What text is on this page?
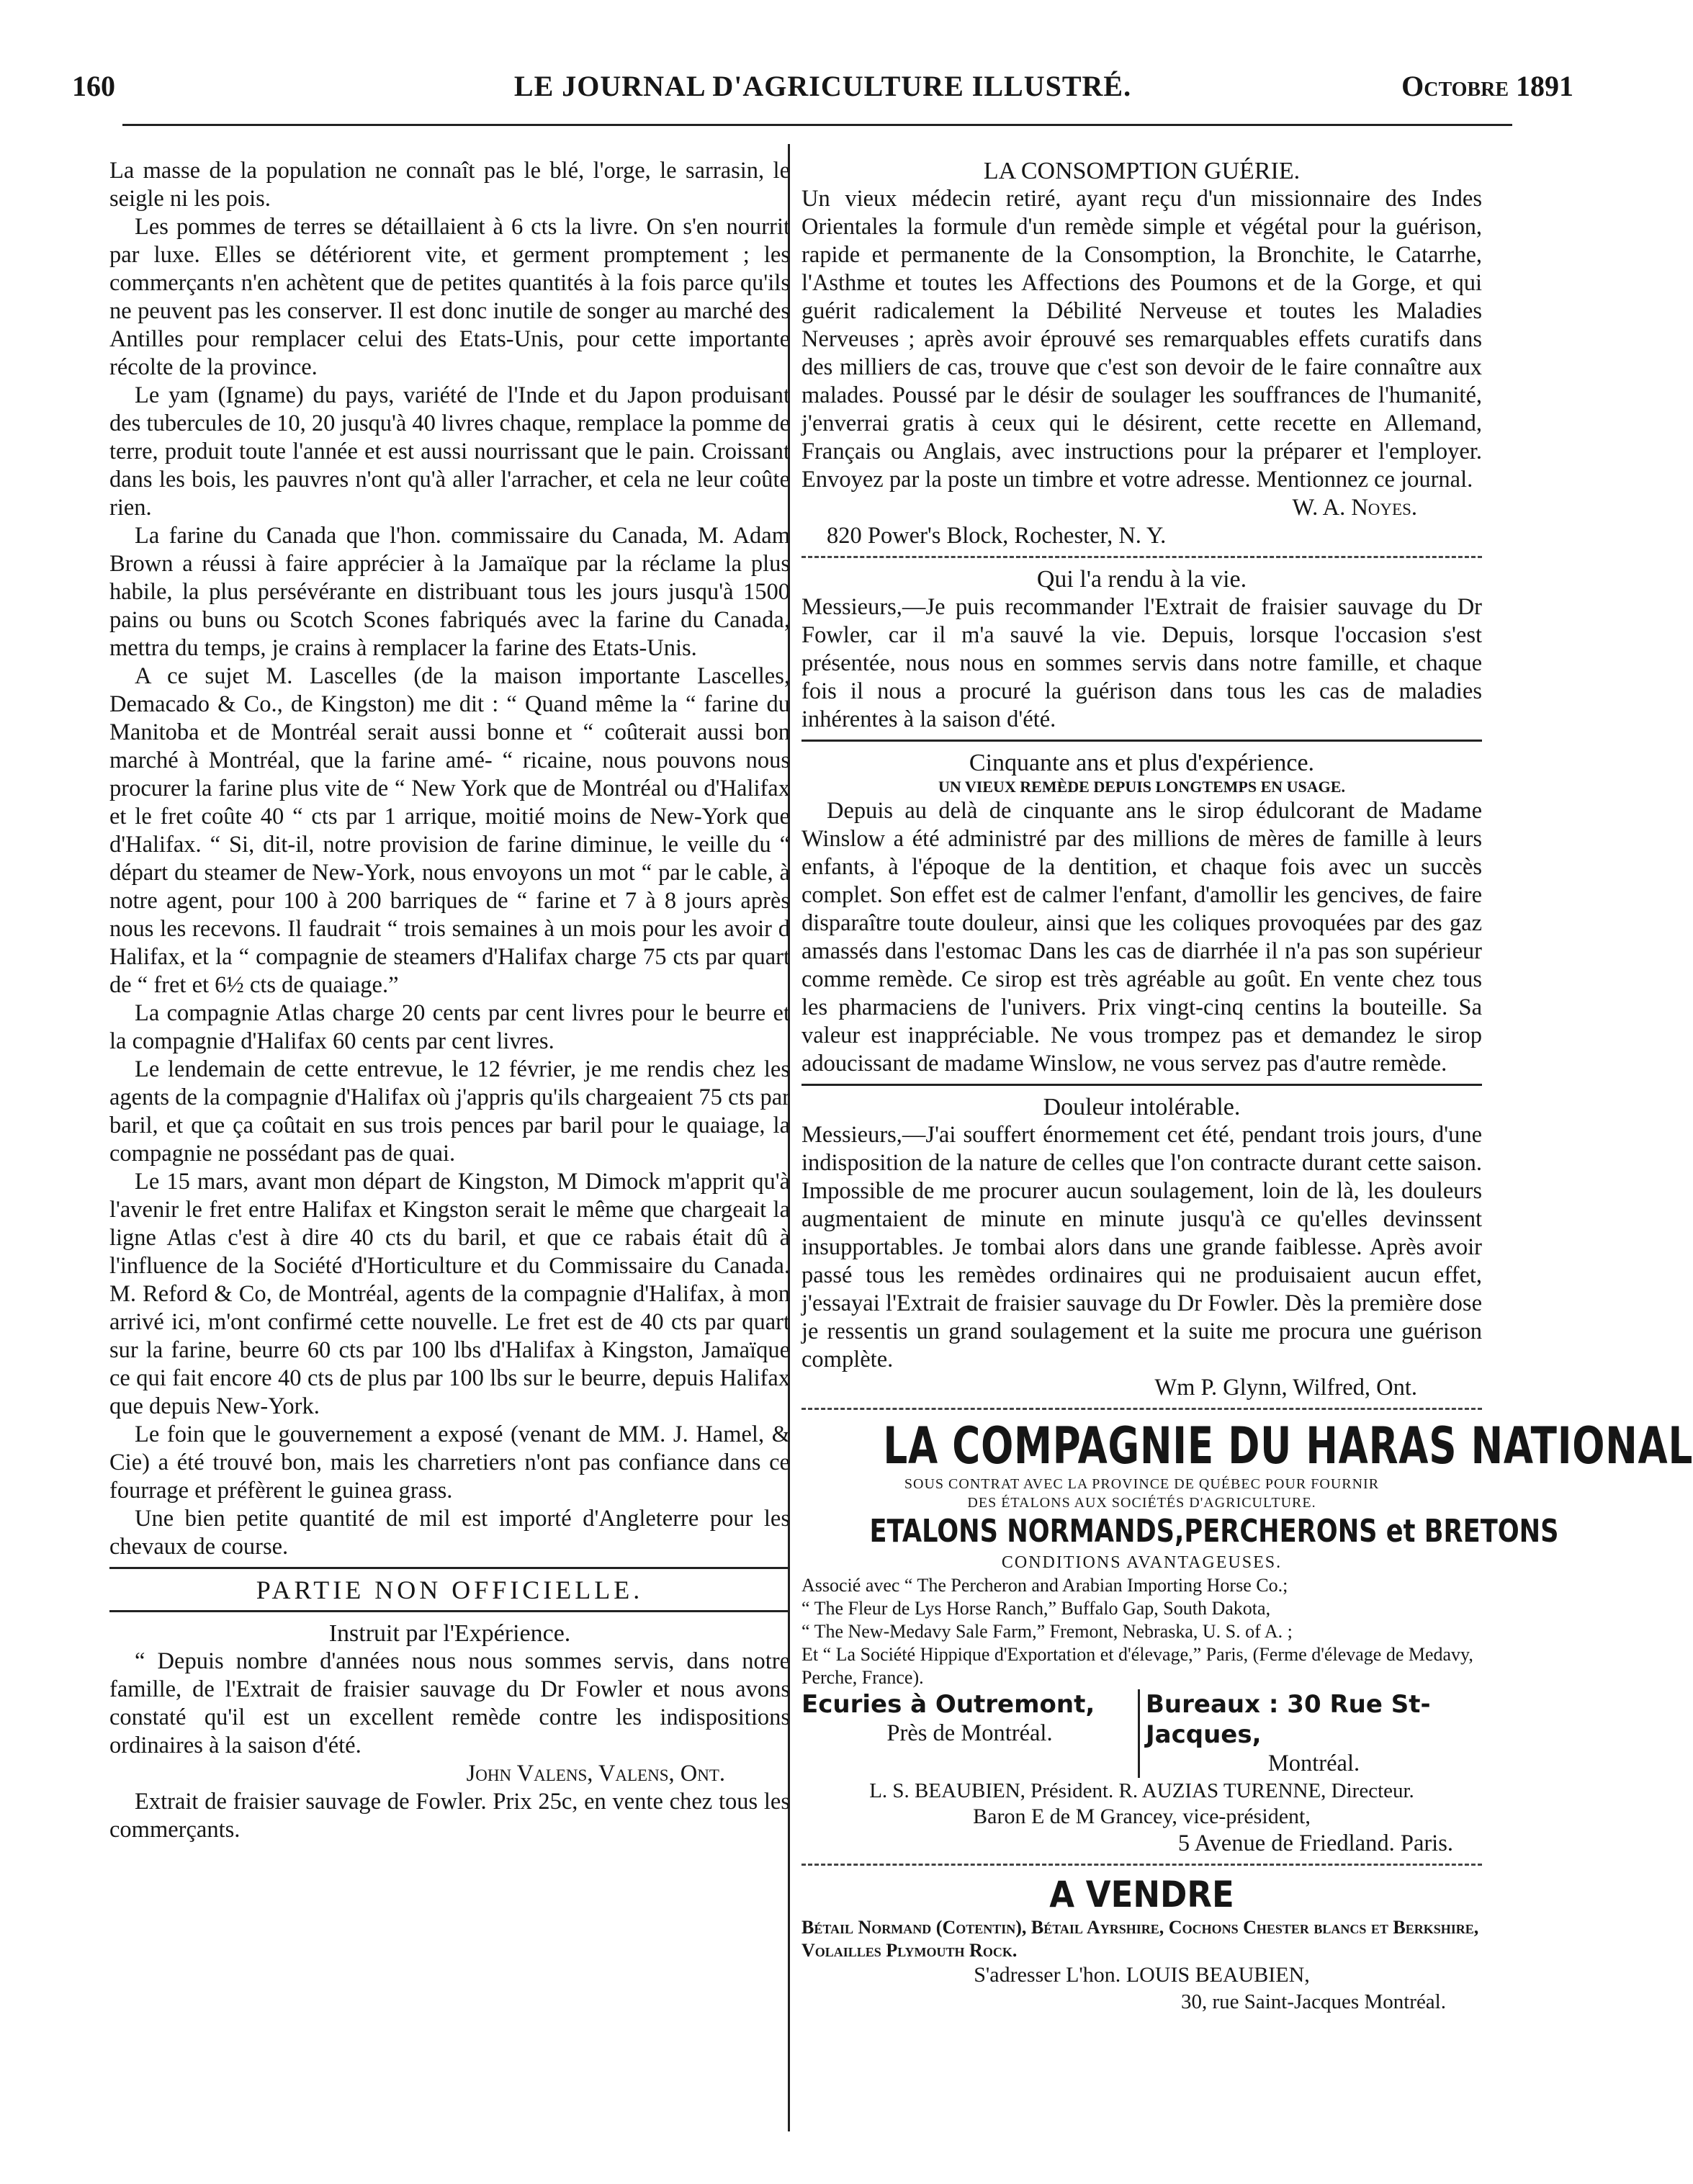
160	LE JOURNAL D'AGRICULTURE ILLUSTRÉ.	Octobre 1891

La masse de la population ne connaît pas le blé, l'orge, le sarrasin, le seigle ni les pois.

Les pommes de terres se détaillaient à 6 cts la livre. On s'en nourrit par luxe. Elles se détériorent vite, et germent promptement ; les commerçants n'en achètent que de petites quantités à la fois parce qu'ils ne peuvent pas les conserver. Il est donc inutile de songer au marché des Antilles pour remplacer celui des Etats-Unis, pour cette importante récolte de la province.

Le yam (Igname) du pays, variété de l'Inde et du Japon produisant des tubercules de 10, 20 jusqu'à 40 livres chaque, remplace la pomme de terre, produit toute l'année et est aussi nourrissant que le pain. Croissant dans les bois, les pauvres n'ont qu'à aller l'arracher, et cela ne leur coûte rien.

La farine du Canada que l'hon. commissaire du Canada, M. Adam Brown a réussi à faire apprécier à la Jamaïque par la réclame la plus habile, la plus persévérante en distribuant tous les jours jusqu'à 1500 pains ou buns ou Scotch Scones fabriqués avec la farine du Canada, mettra du temps, je crains à remplacer la farine des Etats-Unis.

A ce sujet M. Lascelles (de la maison importante Lascelles, Demacado & Co., de Kingston) me dit : “ Quand même la “ farine du Manitoba et de Montréal serait aussi bonne et “ coûterait aussi bon marché à Montréal, que la farine amé- “ ricaine, nous pouvons nous procurer la farine plus vite de “ New York que de Montréal ou d'Halifax et le fret coûte 40 “ cts par 1 arrique, moitié moins de New-York que d'Halifax. “ Si, dit-il, notre provision de farine diminue, le veille du “ départ du steamer de New-York, nous envoyons un mot “ par le cable, à notre agent, pour 100 à 200 barriques de “ farine et 7 à 8 jours après nous les recevons. Il faudrait “ trois semaines à un mois pour les avoir d Halifax, et la “ compagnie de steamers d'Halifax charge 75 cts par quart de “ fret et 6½ cts de quaiage.”

La compagnie Atlas charge 20 cents par cent livres pour le beurre et la compagnie d'Halifax 60 cents par cent livres.

Le lendemain de cette entrevue, le 12 février, je me rendis chez les agents de la compagnie d'Halifax où j'appris qu'ils chargeaient 75 cts par baril, et que ça coûtait en sus trois pences par baril pour le quaiage, la compagnie ne possédant pas de quai.

Le 15 mars, avant mon départ de Kingston, M Dimock m'apprit qu'à l'avenir le fret entre Halifax et Kingston serait le même que chargeait la ligne Atlas c'est à dire 40 cts du baril, et que ce rabais était dû à l'influence de la Société d'Horticulture et du Commissaire du Canada. M. Reford & Co, de Montréal, agents de la compagnie d'Halifax, à mon arrivé ici, m'ont confirmé cette nouvelle. Le fret est de 40 cts par quart sur la farine, beurre 60 cts par 100 lbs d'Halifax à Kingston, Jamaïque ce qui fait encore 40 cts de plus par 100 lbs sur le beurre, depuis Halifax que depuis New-York.

Le foin que le gouvernement a exposé (venant de MM. J. Hamel, & Cie) a été trouvé bon, mais les charretiers n'ont pas confiance dans ce fourrage et préfèrent le guinea grass.

Une bien petite quantité de mil est importé d'Angleterre pour les chevaux de course.

PARTIE NON OFFICIELLE.
Instruit par l'Expérience.

“ Depuis nombre d'années nous nous sommes servis, dans notre famille, de l'Extrait de fraisier sauvage du Dr Fowler et nous avons constaté qu'il est un excellent remède contre les indispositions ordinaires à la saison d'été.

John Valens, Valens, Ont.

Extrait de fraisier sauvage de Fowler. Prix 25c, en vente chez tous les commerçants.

LA CONSOMPTION GUÉRIE.

Un vieux médecin retiré, ayant reçu d'un missionnaire des Indes Orientales la formule d'un remède simple et végétal pour la guérison, rapide et permanente de la Consomption, la Bronchite, le Catarrhe, l'Asthme et toutes les Affections des Poumons et de la Gorge, et qui guérit radicalement la Débilité Nerveuse et toutes les Maladies Nerveuses ; après avoir éprouvé ses remarquables effets curatifs dans des milliers de cas, trouve que c'est son devoir de le faire connaître aux malades. Poussé par le désir de soulager les souffrances de l'humanité, j'enverrai gratis à ceux qui le désirent, cette recette en Allemand, Français ou Anglais, avec instructions pour la préparer et l'employer. Envoyez par la poste un timbre et votre adresse. Mentionnez ce journal.

W. A. Noyes.

820 Power's Block, Rochester, N. Y.

Qui l'a rendu à la vie.

Messieurs,—Je puis recommander l'Extrait de fraisier sauvage du Dr Fowler, car il m'a sauvé la vie. Depuis, lorsque l'occasion s'est présentée, nous nous en sommes servis dans notre famille, et chaque fois il nous a procuré la guérison dans tous les cas de maladies inhérentes à la saison d'été.

Cinquante ans et plus d'expérience.
UN VIEUX REMÈDE DEPUIS LONGTEMPS EN USAGE.

Depuis au delà de cinquante ans le sirop édulcorant de Madame Winslow a été administré par des millions de mères de famille à leurs enfants, à l'époque de la dentition, et chaque fois avec un succès complet. Son effet est de calmer l'enfant, d'amollir les gencives, de faire disparaître toute douleur, ainsi que les coliques provoquées par des gaz amassés dans l'estomac Dans les cas de diarrhée il n'a pas son supérieur comme remède. Ce sirop est très agréable au goût. En vente chez tous les pharmaciens de l'univers. Prix vingt-cinq centins la bouteille. Sa valeur est inappréciable. Ne vous trompez pas et demandez le sirop adoucissant de madame Winslow, ne vous servez pas d'autre remède.

Douleur intolérable.

Messieurs,—J'ai souffert énormement cet été, pendant trois jours, d'une indisposition de la nature de celles que l'on contracte durant cette saison. Impossible de me procurer aucun soulagement, loin de là, les douleurs augmentaient de minute en minute jusqu'à ce qu'elles devinssent insupportables. Je tombai alors dans une grande faiblesse. Après avoir passé tous les remèdes ordinaires qui ne produisaient aucun effet, j'essayai l'Extrait de fraisier sauvage du Dr Fowler. Dès la première dose je ressentis un grand soulagement et la suite me procura une guérison complète.

Wm P. Glynn, Wilfred, Ont.
LA COMPAGNIE DU HARAS NATIONAL
SOUS CONTRAT AVEC LA PROVINCE DE QUÉBEC POUR FOURNIR
DES ÉTALONS AUX SOCIÉTÉS D'AGRICULTURE.
ETALONS NORMANDS,PERCHERONS et BRETONS
CONDITIONS AVANTAGEUSES.
Associé avec “ The Percheron and Arabian Importing Horse Co.;
“ The Fleur de Lys Horse Ranch,” Buffalo Gap, South Dakota,
“ The New-Medavy Sale Farm,” Fremont, Nebraska, U. S. of A. ;
Et “ La Société Hippique d'Exportation et d'élevage,” Paris, (Ferme d'élevage de Medavy, Perche, France).
Ecuries à Outremont,
Près de Montréal.
Bureaux : 30 Rue St-Jacques,
Montréal.
L. S. BEAUBIEN, Président. R. AUZIAS TURENNE, Directeur.
Baron E de M Grancey, vice-président,
5 Avenue de Friedland. Paris.
A VENDRE
Bétail Normand (Cotentin), Bétail Ayrshire, Cochons Chester blancs et Berkshire, Volailles Plymouth Rock.
S'adresser L'hon. LOUIS BEAUBIEN,
30, rue Saint-Jacques Montréal.
